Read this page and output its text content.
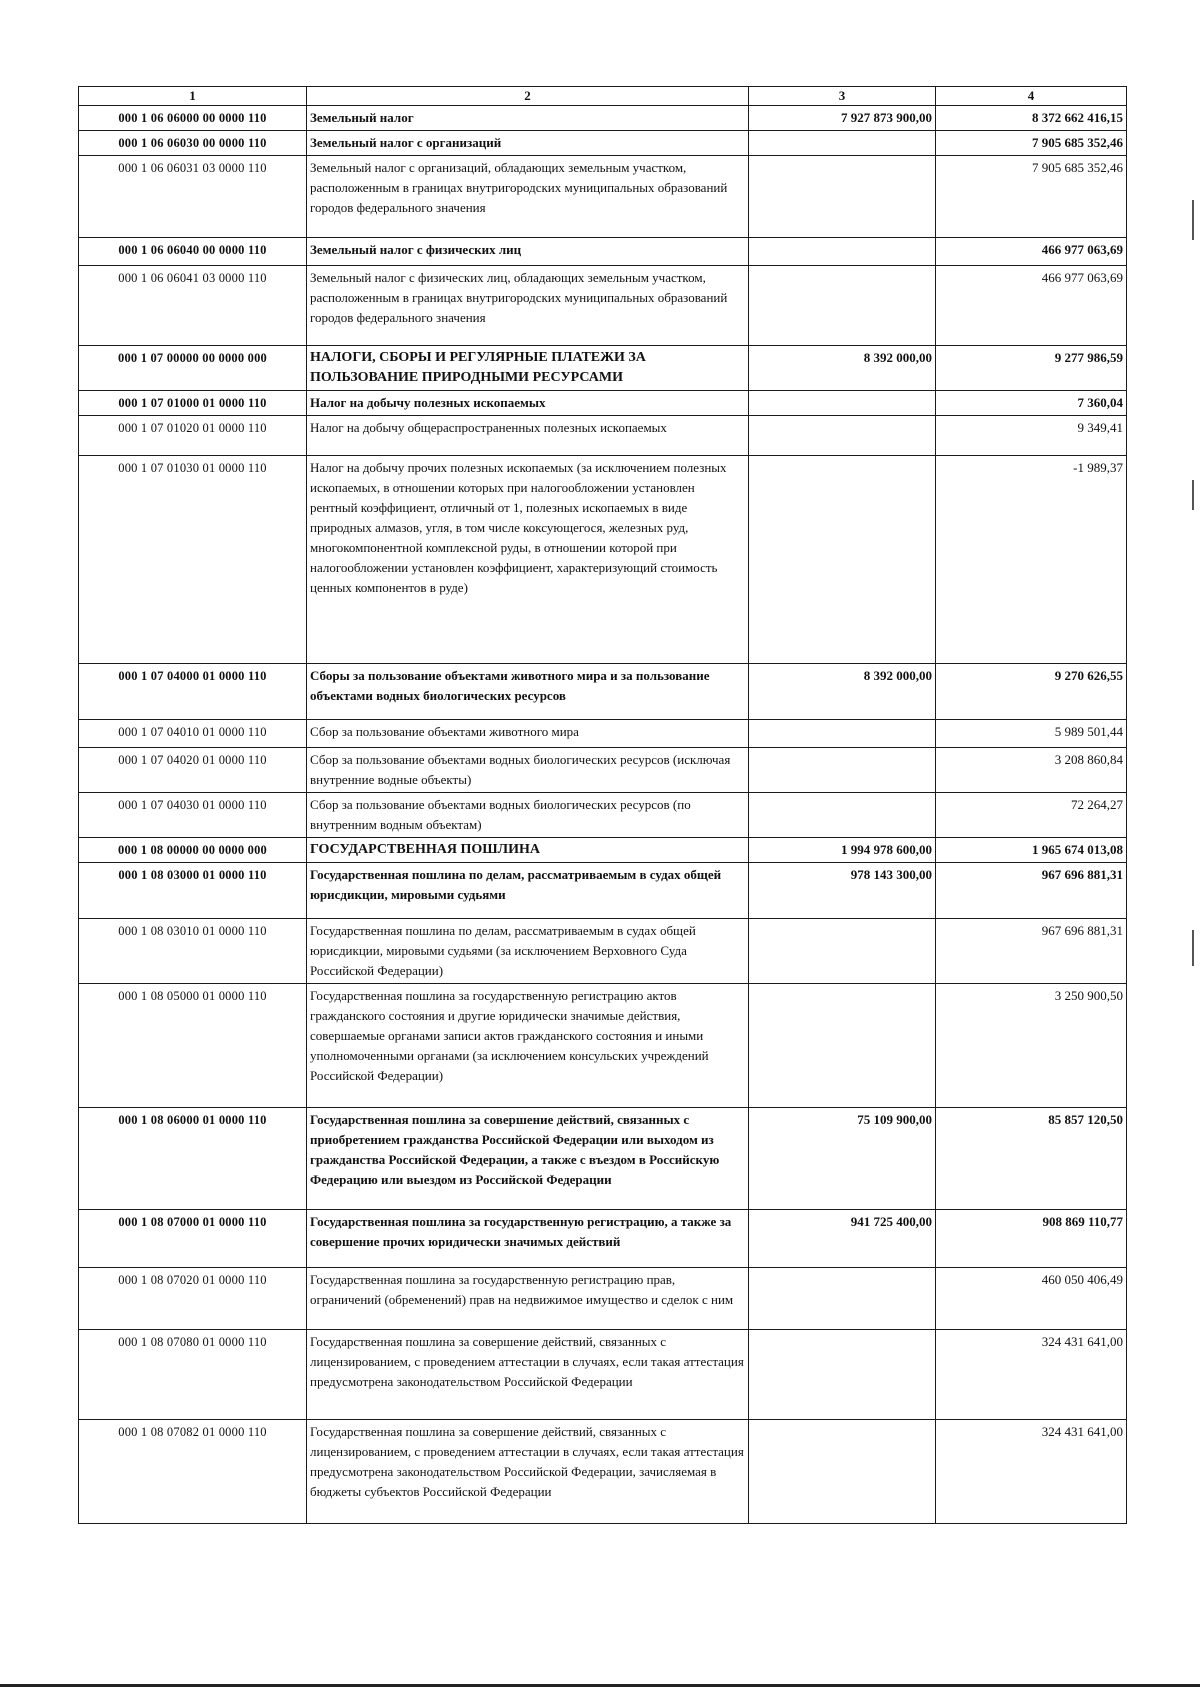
1	2	3	4
000 1 06 06000 00 0000 110	Земельный налог	7 927 873 900,00	8 372 662 416,15
000 1 06 06030 00 0000 110	Земельный налог с организаций		7 905 685 352,46
000 1 06 06031 03 0000 110	Земельный налог с организаций, обладающих земельным участком, расположенным в границах внутригородских муниципальных образований городов федерального значения		7 905 685 352,46
000 1 06 06040 00 0000 110	Земельный налог с физических лиц		466 977 063,69
000 1 06 06041 03 0000 110	Земельный налог с физических лиц, обладающих земельным участком, расположенным в границах внутригородских муниципальных образований городов федерального значения		466 977 063,69
000 1 07 00000 00 0000 000	НАЛОГИ, СБОРЫ И РЕГУЛЯРНЫЕ ПЛАТЕЖИ ЗА ПОЛЬЗОВАНИЕ ПРИРОДНЫМИ РЕСУРСАМИ	8 392 000,00	9 277 986,59
000 1 07 01000 01 0000 110	Налог на добычу полезных ископаемых		7 360,04
000 1 07 01020 01 0000 110	Налог на добычу общераспространенных полезных ископаемых		9 349,41
000 1 07 01030 01 0000 110	Налог на добычу прочих полезных ископаемых (за исключением полезных ископаемых, в отношении которых при налогообложении установлен рентный коэффициент, отличный от 1, полезных ископаемых в виде природных алмазов, угля, в том числе коксующегося, железных руд, многокомпонентной комплексной руды, в отношении которой при налогообложении установлен коэффициент, характеризующий стоимость ценных компонентов в руде)		-1 989,37
000 1 07 04000 01 0000 110	Сборы за пользование объектами животного мира и за пользование объектами водных биологических ресурсов	8 392 000,00	9 270 626,55
000 1 07 04010 01 0000 110	Сбор за пользование объектами животного мира		5 989 501,44
000 1 07 04020 01 0000 110	Сбор за пользование объектами водных биологических ресурсов (исключая внутренние водные объекты)		3 208 860,84
000 1 07 04030 01 0000 110	Сбор за пользование объектами водных биологических ресурсов (по внутренним водным объектам)		72 264,27
000 1 08 00000 00 0000 000	ГОСУДАРСТВЕННАЯ ПОШЛИНА	1 994 978 600,00	1 965 674 013,08
000 1 08 03000 01 0000 110	Государственная пошлина по делам, рассматриваемым в судах общей юрисдикции, мировыми судьями	978 143 300,00	967 696 881,31
000 1 08 03010 01 0000 110	Государственная пошлина по делам, рассматриваемым в судах общей юрисдикции, мировыми судьями (за исключением Верховного Суда Российской Федерации)		967 696 881,31
000 1 08 05000 01 0000 110	Государственная пошлина за государственную регистрацию актов гражданского состояния и другие юридически значимые действия, совершаемые органами записи актов гражданского состояния и иными уполномоченными органами (за исключением консульских учреждений Российской Федерации)		3 250 900,50
000 1 08 06000 01 0000 110	Государственная пошлина за совершение действий, связанных с приобретением гражданства Российской Федерации или выходом из гражданства Российской Федерации, а также с въездом в Российскую Федерацию или выездом из Российской Федерации	75 109 900,00	85 857 120,50
000 1 08 07000 01 0000 110	Государственная пошлина за государственную регистрацию, а также за совершение прочих юридически значимых действий	941 725 400,00	908 869 110,77
000 1 08 07020 01 0000 110	Государственная пошлина за государственную регистрацию прав, ограничений (обременений) прав на недвижимое имущество и сделок с ним		460 050 406,49
000 1 08 07080 01 0000 110	Государственная пошлина за совершение действий, связанных с лицензированием, с проведением аттестации в случаях, если такая аттестация предусмотрена законодательством Российской Федерации		324 431 641,00
000 1 08 07082 01 0000 110	Государственная пошлина за совершение действий, связанных с лицензированием, с проведением аттестации в случаях, если такая аттестация предусмотрена законодательством Российской Федерации, зачисляемая в бюджеты субъектов Российской Федерации		324 431 641,00
